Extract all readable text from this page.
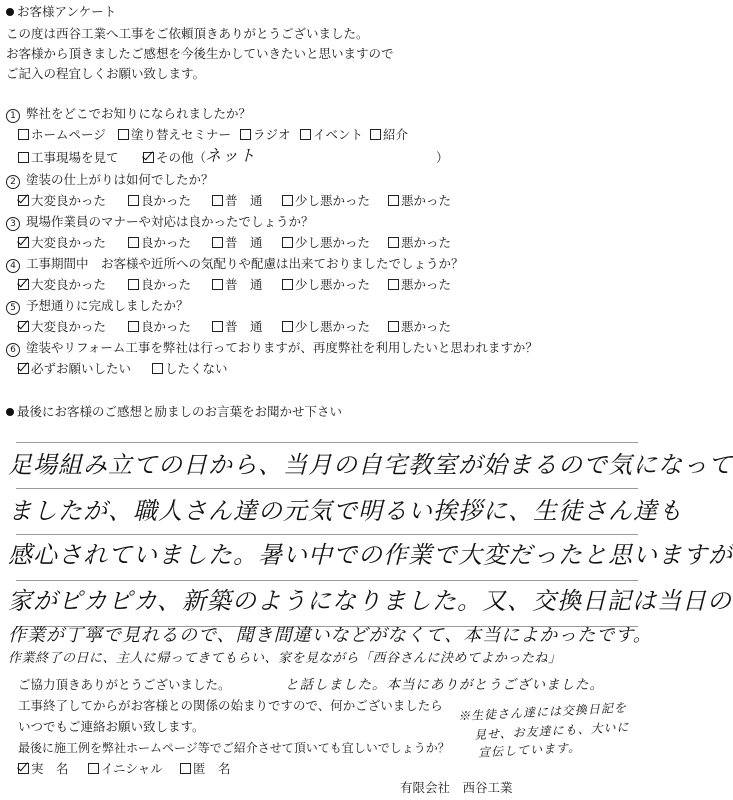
お客様アンケート
この度は西谷工業へ工事をご依頼頂きありがとうございました。
お客様から頂きましたご感想を今後生かしていきたいと思いますので
ご記入の程宜しくお願い致します。
1 弊社をどこでお知りになられましたか？
ホームページ	塗り替えセミナー	ラジオ	イベント	紹介
工事現場を見て	その他（
ネット	）
2 塗装の仕上がりは如何でしたか？
大変良かった	良かった	普　通	少し悪かった	悪かった
3 現場作業員のマナーや対応は良かったでしょうか？
大変良かった	良かった	普　通	少し悪かった	悪かった
4 工事期間中　お客様や近所への気配りや配慮は出来ておりましたでしょうか？
大変良かった	良かった	普　通	少し悪かった	悪かった
5 予想通りに完成しましたか？
大変良かった	良かった	普　通	少し悪かった	悪かった
6 塗装やリフォーム工事を弊社は行っておりますが、再度弊社を利用したいと思われますか？
必ずお願いしたい	したくない
最後にお客様のご感想と励ましのお言葉をお聞かせ下さい
足場組み立ての日から、当月の自宅教室が始まるので気になって
ましたが、職人さん達の元気で明るい挨拶に、生徒さん達も
感心されていました。暑い中での作業で大変だったと思いますが
家がピカピカ、新築のようになりました。又、交換日記は当日の
作業が丁寧で見れるので、聞き間違いなどがなくて、本当によかったです。
作業終了の日に、主人に帰ってきてもらい、家を見ながら「西谷さんに決めてよかったね」
と話しました。本当にありがとうございました。
※生徒さん達には交換日記を
見せ、お友達にも、大いに
宣伝しています。
ご協力頂きありがとうございました。
工事終了してからがお客様との関係の始まりですので、何かございましたら
いつでもご連絡お願い致します。
最後に施工例を弊社ホームページ等でご紹介させて頂いても宜しいでしょうか？
実　名	イニシャル	匿　名
有限会社　西谷工業
